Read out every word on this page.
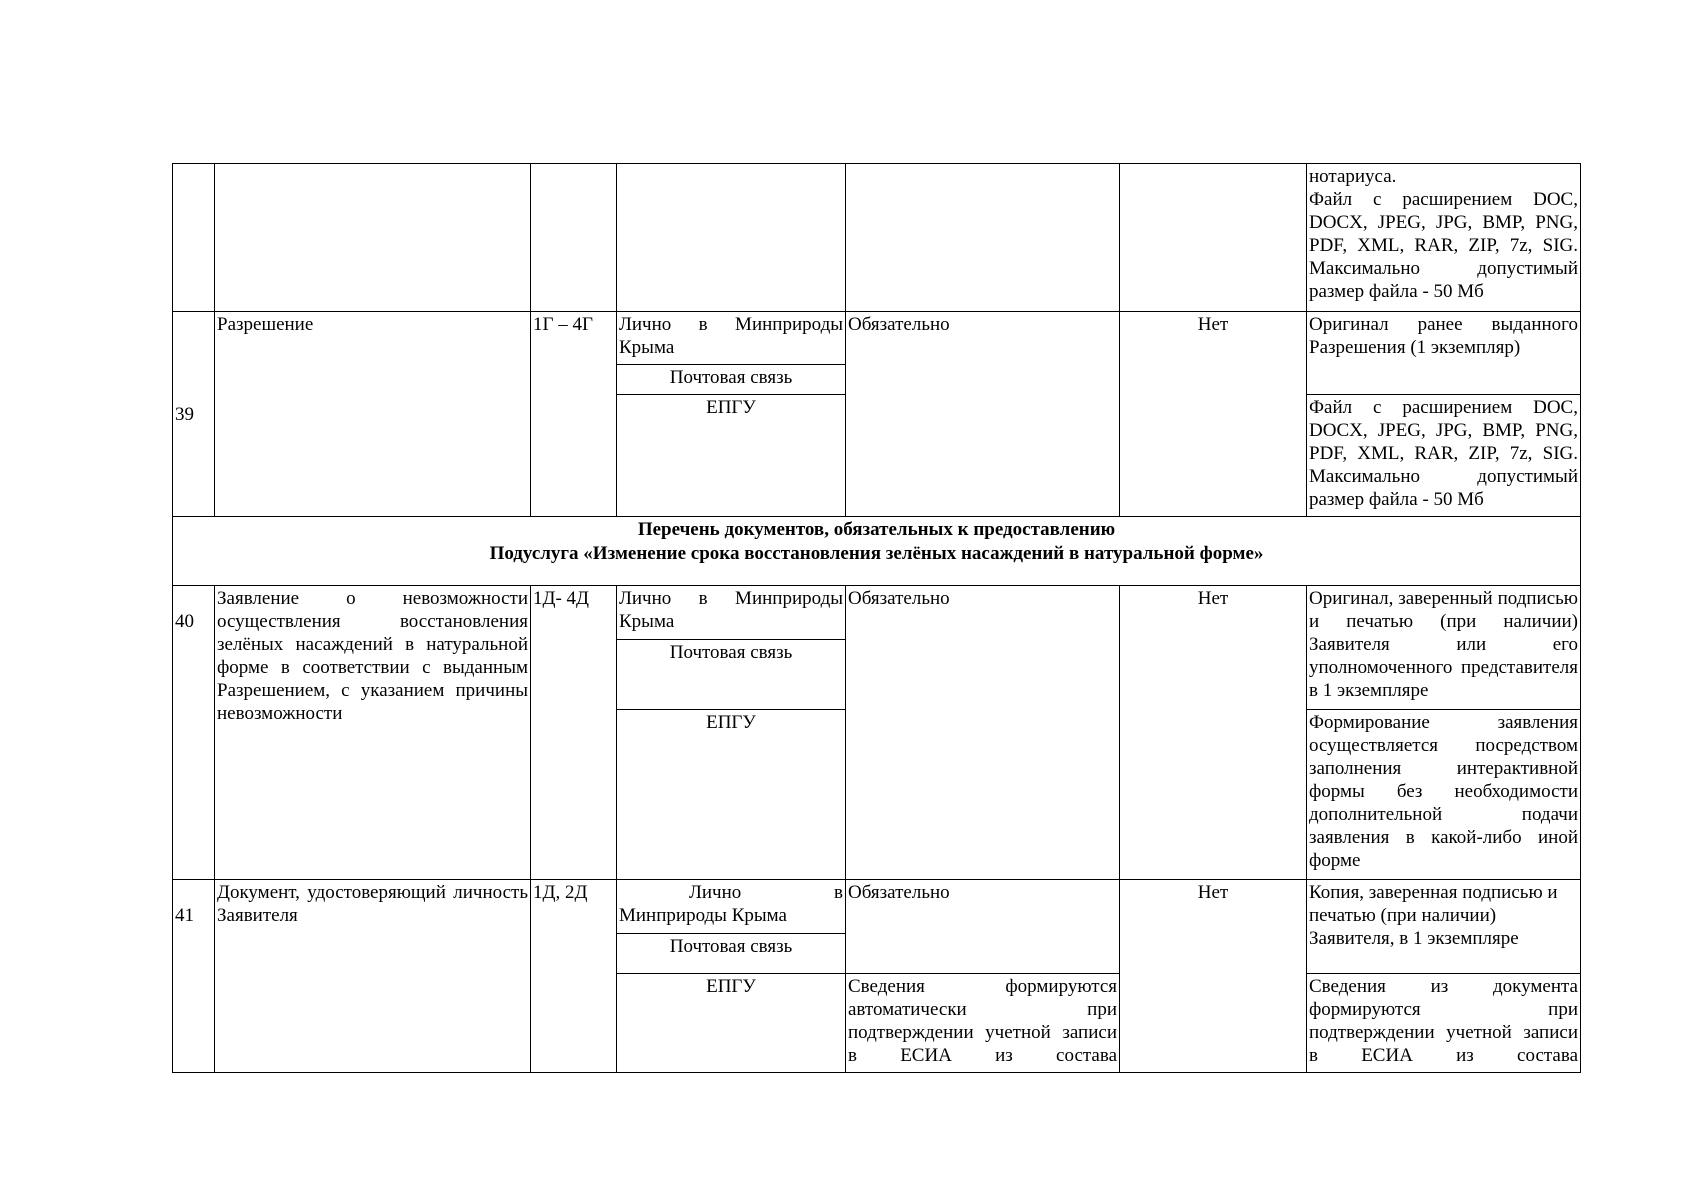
						нотариуса.
Файл с расширением DOC, DOCX, JPEG, JPG, BMP, PNG, PDF, XML, RAR, ZIP, 7z, SIG. Максимально допустимый размер файла - 50 Мб
39	Разрешение	1Г – 4Г	Лично в Минприроды Крыма	Обязательно	Нет	Оригинал ранее выданного Разрешения (1 экземпляр)
			Почтовая связь			
			ЕПГУ			Файл с расширением DOC, DOCX, JPEG, JPG, BMP, PNG, PDF, XML, RAR, ZIP, 7z, SIG. Максимально допустимый размер файла - 50 Мб

Перечень документов, обязательных к предоставлению
Подуслуга «Изменение срока восстановления зелёных насаждений в натуральной форме»						

40	Заявление о невозможности осуществления восстановления зелёных насаждений в натуральной форме в соответствии с выданным Разрешением, с указанием причины невозможности	1Д- 4Д	Лично в Минприроды Крыма	Обязательно	Нет	Оригинал, заверенный подписью и печатью (при наличии) Заявителя или его уполномоченного представителя в 1 экземпляре
			Почтовая связь			
			ЕПГУ			Формирование заявления осуществляется посредством заполнения интерактивной формы без необходимости дополнительной подачи заявления в какой-либо иной форме
41	Документ, удостоверяющий личность Заявителя	1Д, 2Д	Лично в Минприроды Крыма	Обязательно	Нет	Копия, заверенная подписью и печатью (при наличии)
Заявителя, в 1 экземпляре
			Почтовая связь			
			ЕПГУ	Сведения формируются автоматически при подтверждении учетной записи в ЕСИА из состава		Сведения из документа формируются при подтверждении учетной записи в ЕСИА из состава
